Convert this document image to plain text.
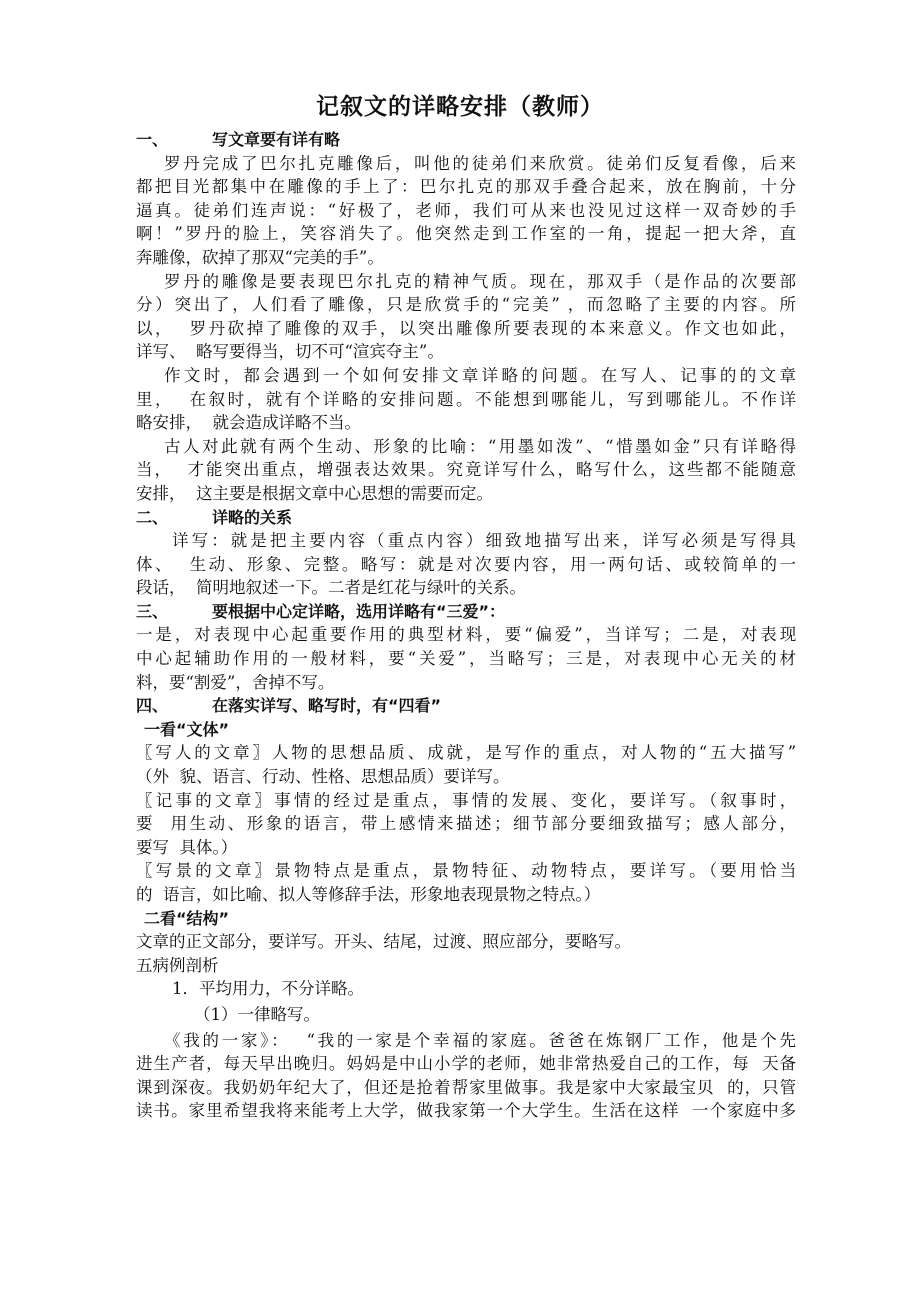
记叙文的详略安排（教师）
一、	写文章要有详有略
罗丹完成了巴尔扎克雕像后，叫他的徒弟们来欣赏。徒弟们反复看像，后来
都把目光都集中在雕像的手上了：巴尔扎克的那双手叠合起来，放在胸前，十分
逼真。徒弟们连声说：“好极了，老师，我们可从来也没见过这样一双奇妙的手
啊！”罗丹的脸上，笑容消失了。他突然走到工作室的一角，提起一把大斧，直
奔雕像，砍掉了那双“完美的手”。
罗丹的雕像是要表现巴尔扎克的精神气质。现在，那双手（是作品的次要部
分）突出了，人们看了雕像，只是欣赏手的“完美” ，而忽略了主要的内容。所
以，  罗丹砍掉了雕像的双手，以突出雕像所要表现的本来意义。作文也如此，
详写、  略写要得当，切不可“渲宾夺主”。
作文时，都会遇到一个如何安排文章详略的问题。在写人、记事的的文章
里，  在叙时，就有个详略的安排问题。不能想到哪能儿，写到哪能儿。不作详
略安排，  就会造成详略不当。
古人对此就有两个生动、形象的比喻：“用墨如泼”、“惜墨如金”只有详略得
当，  才能突出重点，增强表达效果。究竟详写什么，略写什么，这些都不能随意
安排，  这主要是根据文章中心思想的需要而定。
二、	详略的关系
详写：就是把主要内容（重点内容）细致地描写出来，详写必须是写得具
体、  生动、形象、完整。略写：就是对次要内容，用一两句话、或较简单的一
段话，  简明地叙述一下。二者是红花与绿叶的关系。
三、	要根据中心定详略，选用详略有“三爱”：
一是，对表现中心起重要作用的典型材料，要“偏爱”，当详写；二是，对表现
中心起辅助作用的一般材料，要“关爱”，当略写；三是，对表现中心无关的材
料，要“割爱”，舍掉不写。
四、	在落实详写、略写时，有“四看”
一看“文体”
〖写人的文章〗人物的思想品质、成就，是写作的重点，对人物的“五大描写”
（外  貌、语言、行动、性格、思想品质）要详写。
〖记事的文章〗事情的经过是重点，事情的发展、变化，要详写。（叙事时，
要  用生动、形象的语言，带上感情来描述；细节部分要细致描写；感人部分，
要写  具体。）
〖写景的文章〗景物特点是重点，景物特征、动物特点，要详写。（要用恰当
的  语言，如比喻、拟人等修辞手法，形象地表现景物之特点。）
二看“结构”
文章的正文部分，要详写。开头、结尾，过渡、照应部分，要略写。
五病例剖析
1．平均用力，不分详略。
（1）一律略写。
《我的一家》：  “我的一家是个幸福的家庭。爸爸在炼钢厂工作，他是个先
进生产者，每天早出晚归。妈妈是中山小学的老师，她非常热爱自己的工作，每  天备
课到深夜。我奶奶年纪大了，但还是抢着帮家里做事。我是家中大家最宝贝  的，只管
读书。家里希望我将来能考上大学，做我家第一个大学生。生活在这样  一个家庭中多
